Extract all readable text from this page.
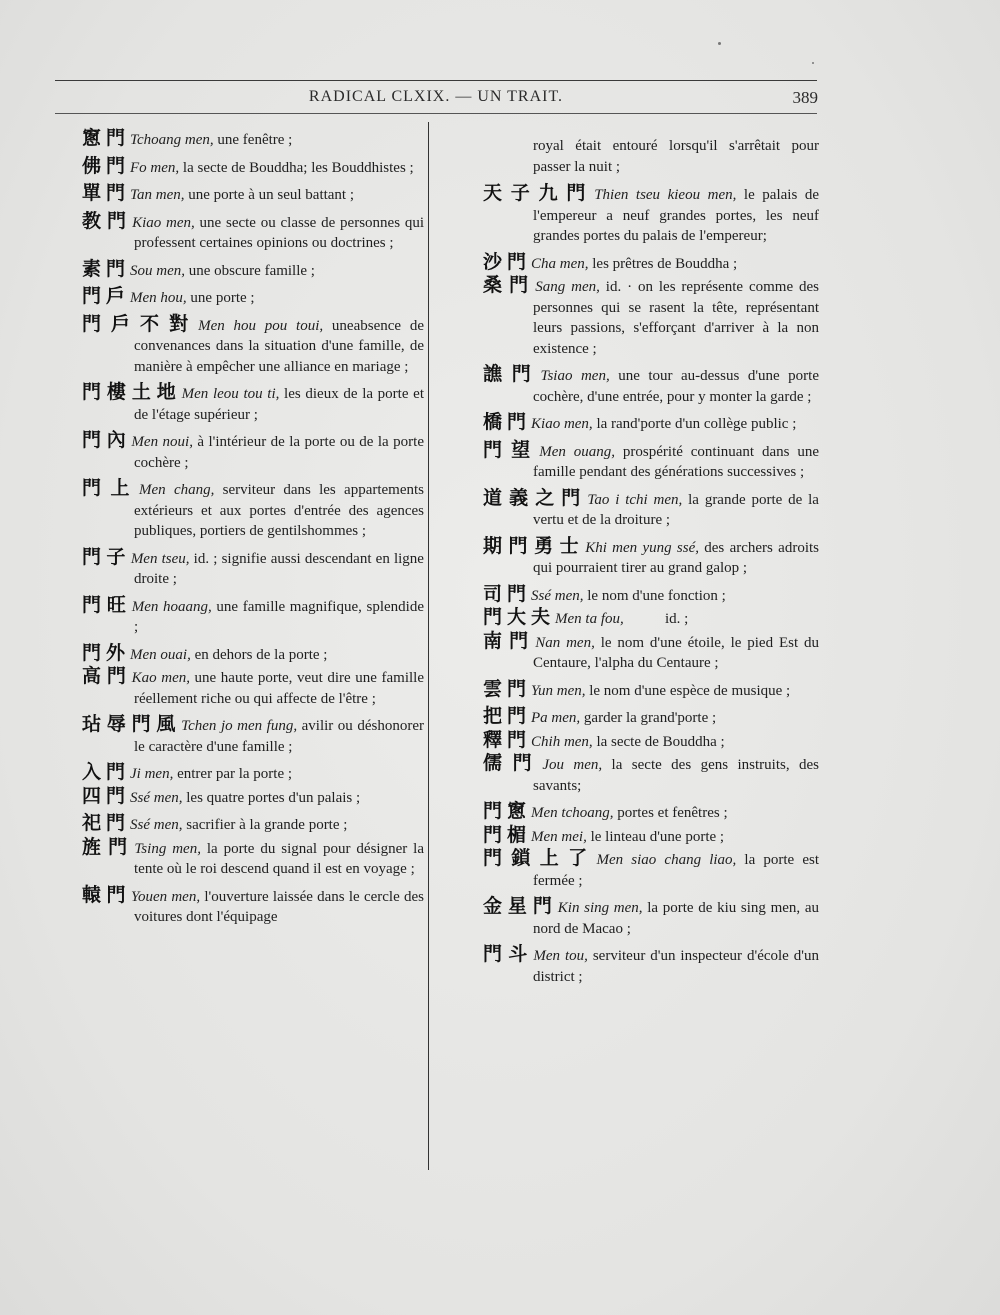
RADICAL CLXIX. — UN TRAIT.	389
窻門Tchoang men, une fenêtre ;
佛門Fo men, la secte de Bouddha; les Bouddhistes ;
單門Tan men, une porte à un seul battant ;
教門Kiao men, une secte ou classe de personnes qui professent certaines opinions ou doctrines ;
素門Sou men, une obscure famille ;
門戶Men hou, une porte ;
門戶不對Men hou pou toui, uneabsence de convenances dans la situation d'une famille, de manière à empêcher une alliance en mariage ;
門樓土地Men leou tou ti, les dieux de la porte et de l'étage supérieur ;
門內Men noui, à l'intérieur de la porte ou de la porte cochère ;
門上Men chang, serviteur dans les appartements extérieurs et aux portes d'entrée des agences publiques, portiers de gentilshommes ;
門子Men tseu, id. ; signifie aussi descendant en ligne droite ;
門旺Men hoaang, une famille magnifique, splendide ;
門外Men ouai, en dehors de la porte ;
高門Kao men, une haute porte, veut dire une famille réellement riche ou qui affecte de l'être ;
玷辱門風Tchen jo men fung, avilir ou déshonorer le caractère d'une famille ;
入門Ji men, entrer par la porte ;
四門Ssé men, les quatre portes d'un palais ;
祀門Ssé men, sacrifier à la grande porte ;
旌門Tsing men, la porte du signal pour désigner la tente où le roi descend quand il est en voyage ;
轅門Youen men, l'ouverture laissée dans le cercle des voitures dont l'équipage
royal était entouré lorsqu'il s'arrêtait pour passer la nuit ;
天子九門Thien tseu kieou men, le palais de l'empereur a neuf grandes portes, les neuf grandes portes du palais de l'empereur;
沙門Cha men, les prêtres de Bouddha ;
桑門Sang men, id. · on les représente comme des personnes qui se rasent la tête, représentant leurs passions, s'efforçant d'arriver à la non existence ;
譙門Tsiao men, une tour au-dessus d'une porte cochère, d'une entrée, pour y monter la garde ;
橋門Kiao men, la rand'porte d'un collège public ;
門望Men ouang, prospérité continuant dans une famille pendant des générations successives ;
道義之門Tao i tchi men, la grande porte de la vertu et de la droiture ;
期門勇士Khi men yung ssé, des archers adroits qui pourraient tirer au grand galop ;
司門Ssé men, le nom d'une fonction ;
門大夫Men ta fou,           id. ;
南門Nan men, le nom d'une étoile, le pied Est du Centaure, l'alpha du Centaure ;
雲門Yun men, le nom d'une espèce de musique ;
把門Pa men, garder la grand'porte ;
釋門Chih men, la secte de Bouddha ;
儒門Jou men, la secte des gens instruits, des savants;
門窻Men tchoang, portes et fenêtres ;
門楣Men mei, le linteau d'une porte ;
門鎖上了Men siao chang liao, la porte est fermée ;
金星門Kin sing men, la porte de kiu sing men, au nord de Macao ;
門斗Men tou, serviteur d'un inspecteur d'école d'un district ;
